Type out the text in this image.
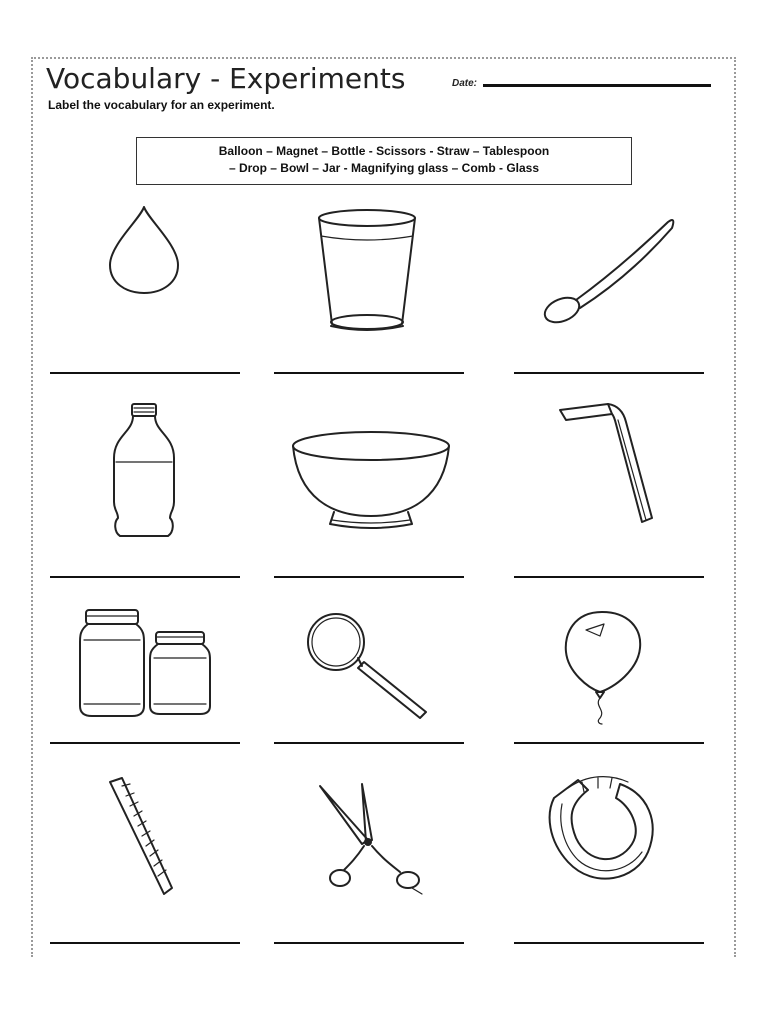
Vocabulary - Experiments	Date:
Label the vocabulary for an experiment.
Balloon – Magnet – Bottle - Scissors - Straw – Tablespoon
– Drop – Bowl – Jar - Magnifying glass – Comb - Glass
